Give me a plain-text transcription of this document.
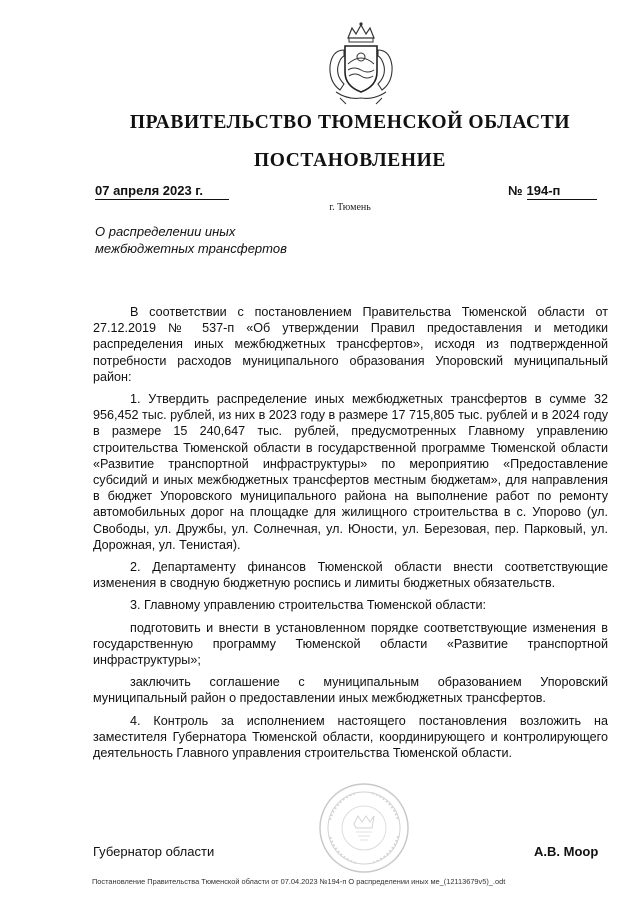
ПРАВИТЕЛЬСТВО ТЮМЕНСКОЙ ОБЛАСТИ
ПОСТАНОВЛЕНИЕ
07 апреля 2023 г.	№ 194-п
г. Тюмень
О распределении иных
межбюджетных трансфертов

В соответствии с постановлением Правительства Тюменской области от 27.12.2019 № 537-п «Об утверждении Правил предоставления и методики распределения иных межбюджетных трансфертов», исходя из подтвержденной потребности расходов муниципального образования Упоровский муниципальный район:

1. Утвердить распределение иных межбюджетных трансфертов в сумме 32 956,452 тыс. рублей, из них в 2023 году в размере 17 715,805 тыс. рублей и в 2024 году в размере 15 240,647 тыс. рублей, предусмотренных Главному управлению строительства Тюменской области в государственной программе Тюменской области «Развитие транспортной инфраструктуры» по мероприятию «Предоставление субсидий и иных межбюджетных трансфертов местным бюджетам», для направления в бюджет Упоровского муниципального района на выполнение работ по ремонту автомобильных дорог на площадке для жилищного строительства в с. Упорово (ул. Свободы, ул. Дружбы, ул. Солнечная, ул. Юности, ул. Березовая, пер. Парковый, ул. Дорожная, ул. Тенистая).

2. Департаменту финансов Тюменской области внести соответствующие изменения в сводную бюджетную роспись и лимиты бюджетных обязательств.

3. Главному управлению строительства Тюменской области:

подготовить и внести в установленном порядке соответствующие изменения в государственную программу Тюменской области «Развитие транспортной инфраструктуры»;

заключить соглашение с муниципальным образованием Упоровский муниципальный район о предоставлении иных межбюджетных трансфертов.

4. Контроль за исполнением настоящего постановления возложить на заместителя Губернатора Тюменской области, координирующего и контролирующего деятельность Главного управления строительства Тюменской области.

Губернатор области	А.В. Моор
Постановление Правительства Тюменской области от 07.04.2023 №194-п О распределении иных ме_(12113679v5)_.odt
